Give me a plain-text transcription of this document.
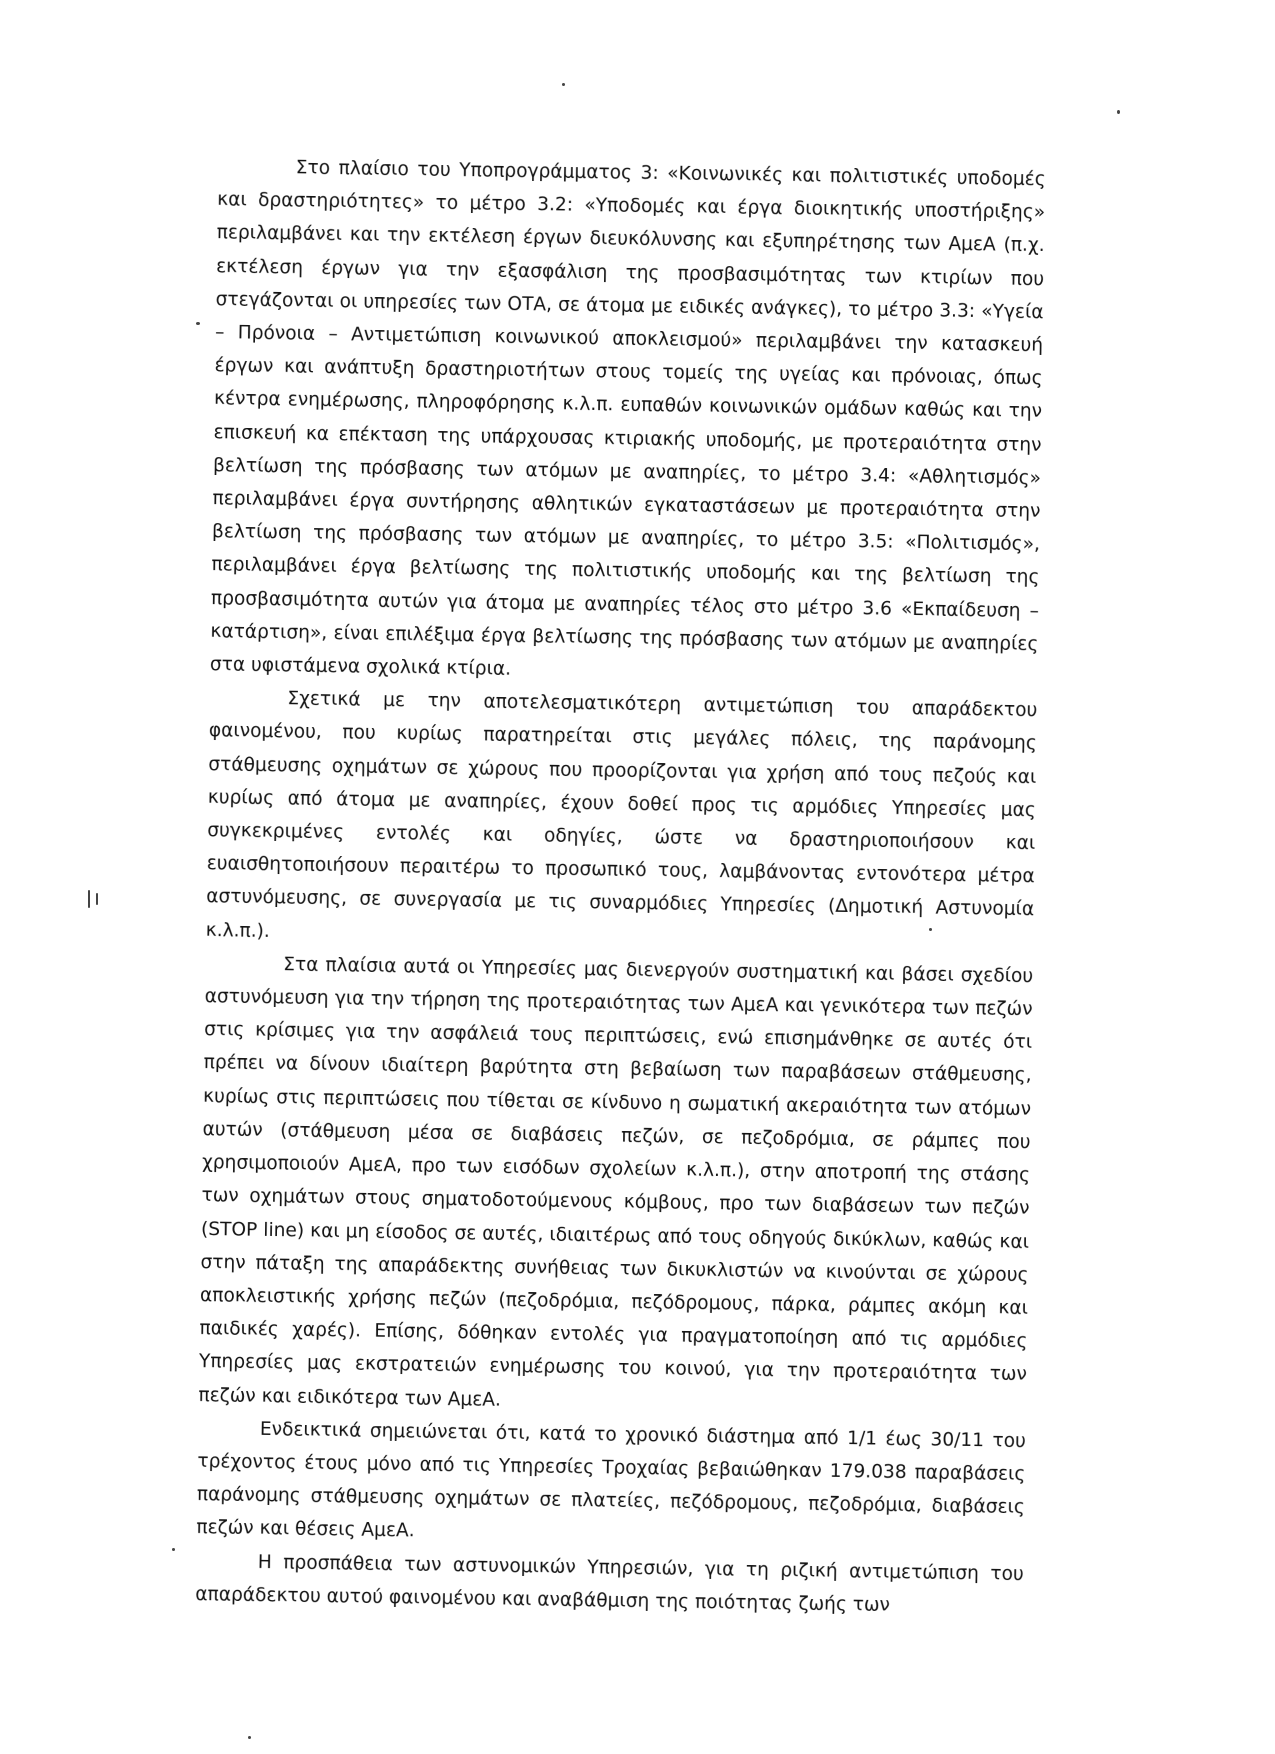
Στο πλαίσιο του Υποπρογράμματος 3: «Κοινωνικές και πολιτιστικές υποδομές και δραστηριότητες» το μέτρο 3.2: «Υποδομές και έργα διοικητικής υποστήριξης» περιλαμβάνει και την εκτέλεση έργων διευκόλυνσης και εξυπηρέτησης των ΑμεΑ (π.χ. εκτέλεση έργων για την εξασφάλιση της προσβασιμότητας των κτιρίων που στεγάζονται οι υπηρεσίες των ΟΤΑ, σε άτομα με ειδικές ανάγκες), το μέτρο 3.3: «Υγεία – Πρόνοια – Αντιμετώπιση κοινωνικού αποκλεισμού» περιλαμβάνει την κατασκευή έργων και ανάπτυξη δραστηριοτήτων στους τομείς της υγείας και πρόνοιας, όπως κέντρα ενημέρωσης, πληροφόρησης κ.λ.π. ευπαθών κοινωνικών ομάδων καθώς και την επισκευή κα επέκταση της υπάρχουσας κτιριακής υποδομής, με προτεραιότητα στην βελτίωση της πρόσβασης των ατόμων με αναπηρίες, το μέτρο 3.4: «Αθλητισμός» περιλαμβάνει έργα συντήρησης αθλητικών εγκαταστάσεων με προτεραιότητα στην βελτίωση της πρόσβασης των ατόμων με αναπηρίες, το μέτρο 3.5: «Πολιτισμός», περιλαμβάνει έργα βελτίωσης της πολιτιστικής υποδομής και της βελτίωση της προσβασιμότητα αυτών για άτομα με αναπηρίες τέλος στο μέτρο 3.6 «Εκπαίδευση – κατάρτιση», είναι επιλέξιμα έργα βελτίωσης της πρόσβασης των ατόμων με αναπηρίες στα υφιστάμενα σχολικά κτίρια.

Σχετικά με την αποτελεσματικότερη αντιμετώπιση του απαράδεκτου φαινομένου, που κυρίως παρατηρείται στις μεγάλες πόλεις, της παράνομης στάθμευσης οχημάτων σε χώρους που προορίζονται για χρήση από τους πεζούς και κυρίως από άτομα με αναπηρίες, έχουν δοθεί προς τις αρμόδιες Υπηρεσίες μας συγκεκριμένες εντολές και οδηγίες, ώστε να δραστηριοποιήσουν και ευαισθητοποιήσουν περαιτέρω το προσωπικό τους, λαμβάνοντας εντονότερα μέτρα αστυνόμευσης, σε συνεργασία με τις συναρμόδιες Υπηρεσίες (Δημοτική Αστυνομία κ.λ.π.).

Στα πλαίσια αυτά οι Υπηρεσίες μας διενεργούν συστηματική και βάσει σχεδίου αστυνόμευση για την τήρηση της προτεραιότητας των ΑμεΑ και γενικότερα των πεζών στις κρίσιμες για την ασφάλειά τους περιπτώσεις, ενώ επισημάνθηκε σε αυτές ότι πρέπει να δίνουν ιδιαίτερη βαρύτητα στη βεβαίωση των παραβάσεων στάθμευσης, κυρίως στις περιπτώσεις που τίθεται σε κίνδυνο η σωματική ακεραιότητα των ατόμων αυτών (στάθμευση μέσα σε διαβάσεις πεζών, σε πεζοδρόμια, σε ράμπες που χρησιμοποιούν ΑμεΑ, προ των εισόδων σχολείων κ.λ.π.), στην αποτροπή της στάσης των οχημάτων στους σηματοδοτούμενους κόμβους, προ των διαβάσεων των πεζών (STOP line) και μη είσοδος σε αυτές, ιδιαιτέρως από τους οδηγούς δικύκλων, καθώς και στην πάταξη της απαράδεκτης συνήθειας των δικυκλιστών να κινούνται σε χώρους αποκλειστικής χρήσης πεζών (πεζοδρόμια, πεζόδρομους, πάρκα, ράμπες ακόμη και παιδικές χαρές). Επίσης, δόθηκαν εντολές για πραγματοποίηση από τις αρμόδιες Υπηρεσίες μας εκστρατειών ενημέρωσης του κοινού, για την προτεραιότητα των πεζών και ειδικότερα των ΑμεΑ.

Ενδεικτικά σημειώνεται ότι, κατά το χρονικό διάστημα από 1/1 έως 30/11 του τρέχοντος έτους μόνο από τις Υπηρεσίες Τροχαίας βεβαιώθηκαν 179.038 παραβάσεις παράνομης στάθμευσης οχημάτων σε πλατείες, πεζόδρομους, πεζοδρόμια, διαβάσεις πεζών και θέσεις ΑμεΑ.

Η προσπάθεια των αστυνομικών Υπηρεσιών, για τη ριζική αντιμετώπιση του απαράδεκτου αυτού φαινομένου και αναβάθμιση της ποιότητας ζωής των
